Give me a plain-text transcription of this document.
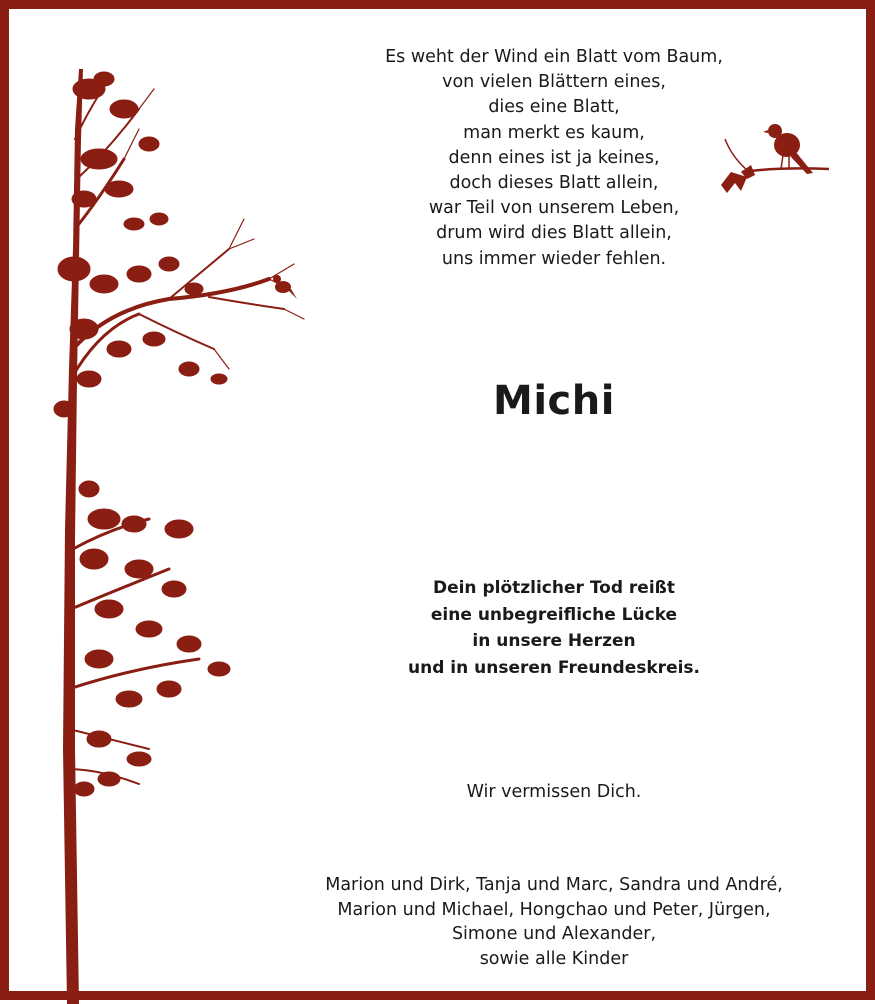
Es weht der Wind ein Blatt vom Baum,
von vielen Blättern eines,
dies eine Blatt,
man merkt es kaum,
denn eines ist ja keines,
doch dieses Blatt allein,
war Teil von unserem Leben,
drum wird dies Blatt allein,
uns immer wieder fehlen.
Michi
Dein plötzlicher Tod reißt
eine unbegreifliche Lücke
in unsere Herzen
und in unseren Freundeskreis.
Wir vermissen Dich.
Marion und Dirk, Tanja und Marc, Sandra und André,
Marion und Michael, Hongchao und Peter, Jürgen,
Simone und Alexander,
sowie alle Kinder
